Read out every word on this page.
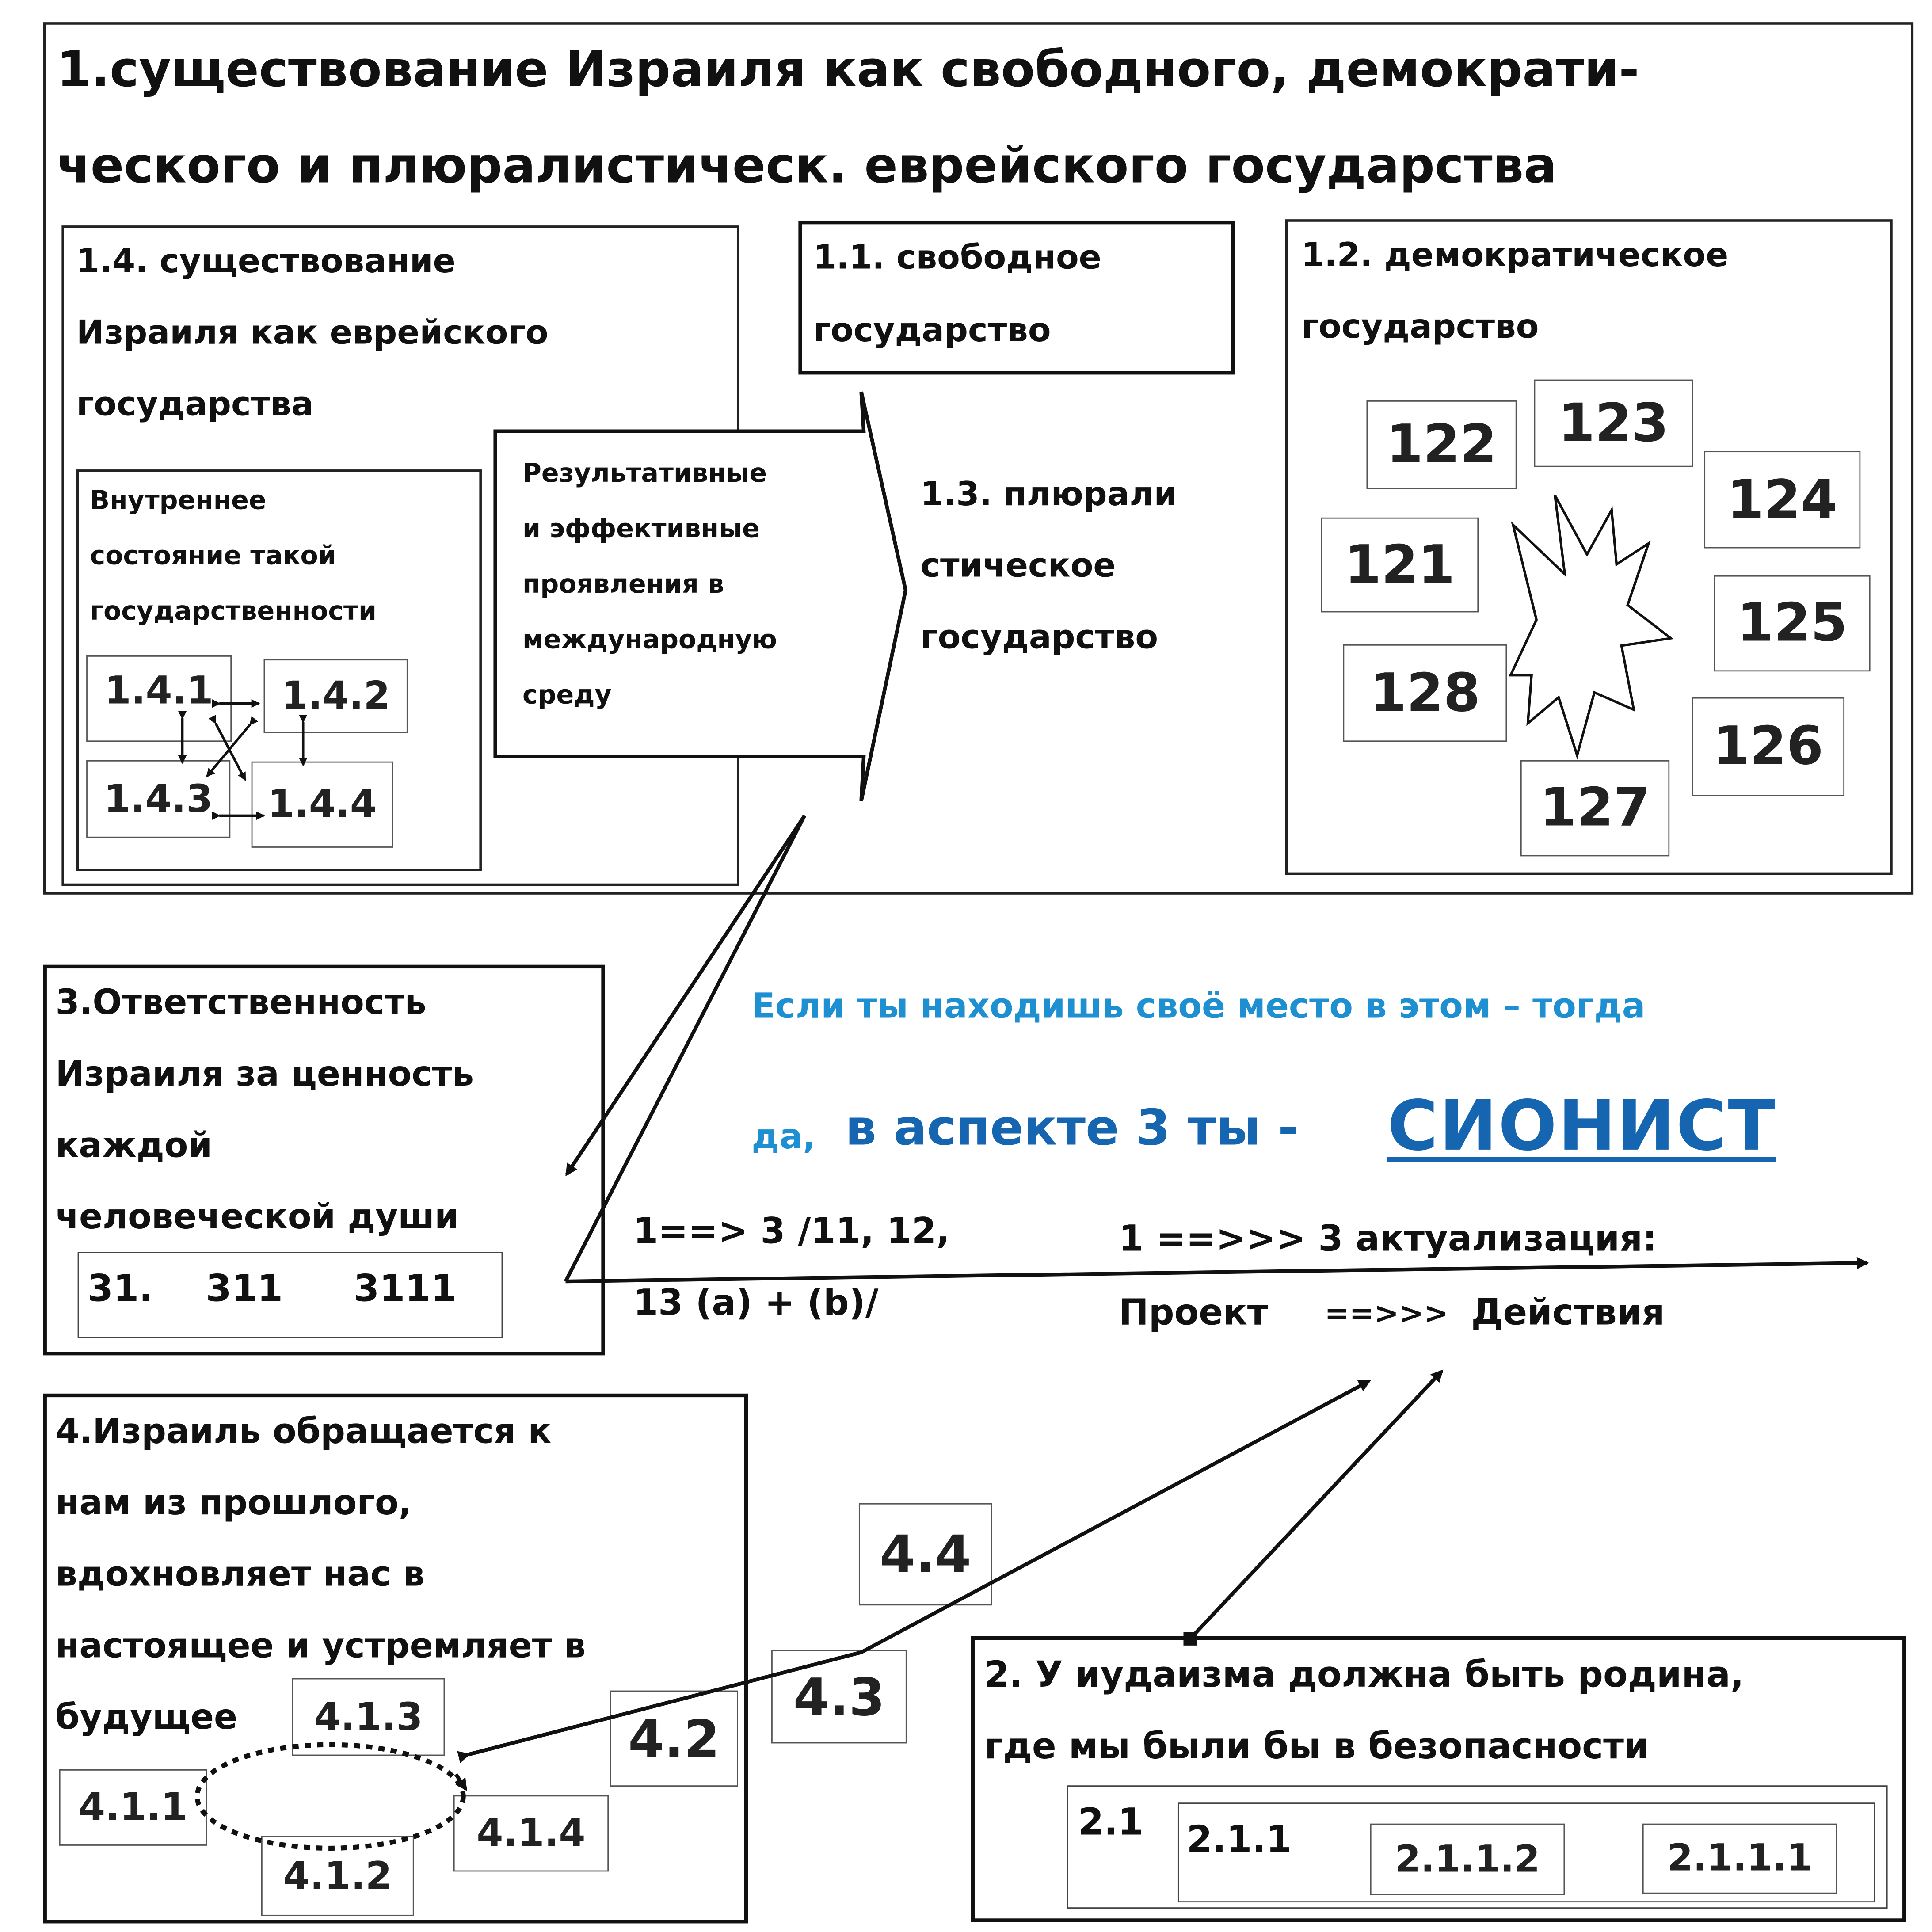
1.существование Израиля как свободного, демократи-
ческого и плюралистическ. еврейского государства
1.4. существование
Израиля как еврейского
государства
Внутреннее
состояние такой
государственности
1.4.1	1.4.2
1.4.3	1.4.4
Результативные
и эффективные
проявления в
международную
среду
1.1. свободное
государство
1.3. плюрали
стическое
государство
1.2. демократическое
государство
122	123
124
121
125
128
126
127
3.Ответственность
Израиля за ценность
каждой
человеческой души
31.	311	3111
Если ты находишь своё место в этом – тогда
да, в аспекте 3 ты -	СИОНИСТ
1==> 3 /11, 12,
13 (a) + (b)/
1 ==>>> 3 актуализация:
Проект	==>>> Действия
4.Израиль обращается к
нам из прошлого,
вдохновляет нас в
настоящее и устремляет в
будущее	4.1.3
4.1.1
4.1.4
4.1.2
4.4
4.3
4.2
2. У иудаизма должна быть родина,
где мы были бы в безопасности
2.1	2.1.1	2.1.1.2	2.1.1.1
